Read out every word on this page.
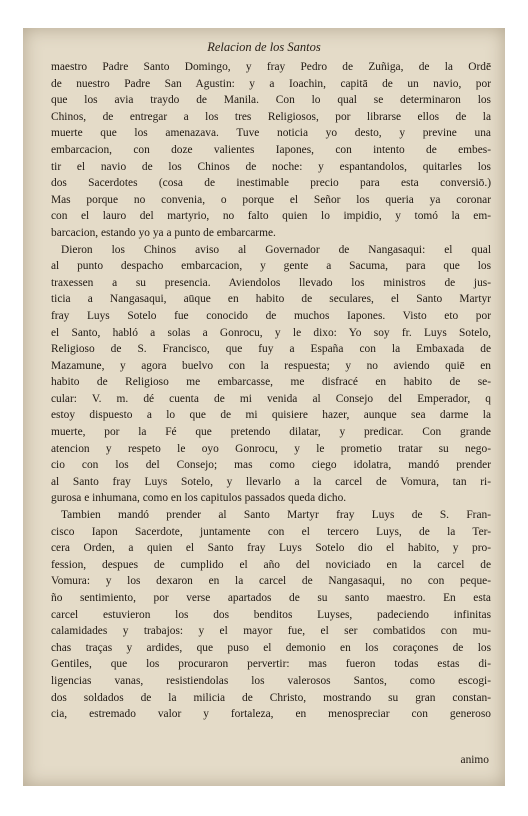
Relacion de los Santos
maestro Padre Santo Domingo, y fray Pedro de Zuñiga, de la Ordē
de nuestro Padre San Agustin: y a Ioachin, capitā de un navio, por
que los avia traydo de Manila. Con lo qual se determinaron los
Chinos, de entregar a los tres Religiosos, por librarse ellos de la
muerte que los amenazava. Tuve noticia yo desto, y previne una
embarcacion, con doze valientes Iapones, con intento de embes-
tir el navio de los Chinos de noche: y espantandolos, quitarles los
dos Sacerdotes (cosa de inestimable precio para esta conversiō.)
Mas porque no convenia, o porque el Señor los queria ya coronar
con el lauro del martyrio, no falto quien lo impidio, y tomó la em-
barcacion, estando yo ya a punto de embarcarme.
Dieron los Chinos aviso al Governador de Nangasaqui: el qual
al punto despacho embarcacion, y gente a Sacuma, para que los
traxessen a su presencia. Aviendolos llevado los ministros de jus-
ticia a Nangasaqui, aūque en habito de seculares, el Santo Martyr
fray Luys Sotelo fue conocido de muchos Iapones. Visto eto por
el Santo, habló a solas a Gonrocu, y le dixo: Yo soy fr. Luys Sotelo,
Religioso de S. Francisco, que fuy a España con la Embaxada de
Mazamune, y agora buelvo con la respuesta; y no aviendo quiē en
habito de Religioso me embarcasse, me disfracé en habito de se-
cular: V. m. dé cuenta de mi venida al Consejo del Emperador, q
estoy dispuesto a lo que de mi quisiere hazer, aunque sea darme la
muerte, por la Fé que pretendo dilatar, y predicar. Con grande
atencion y respeto le oyo Gonrocu, y le prometio tratar su nego-
cio con los del Consejo; mas como ciego idolatra, mandó prender
al Santo fray Luys Sotelo, y llevarlo a la carcel de Vomura, tan ri-
gurosa e inhumana, como en los capitulos passados queda dicho.
Tambien mandó prender al Santo Martyr fray Luys de S. Fran-
cisco Iapon Sacerdote, juntamente con el tercero Luys, de la Ter-
cera Orden, a quien el Santo fray Luys Sotelo dio el habito, y pro-
fession, despues de cumplido el año del noviciado en la carcel de
Vomura: y los dexaron en la carcel de Nangasaqui, no con peque-
ño sentimiento, por verse apartados de su santo maestro. En esta
carcel estuvieron los dos benditos Luyses, padeciendo infinitas
calamidades y trabajos: y el mayor fue, el ser combatidos con mu-
chas traças y ardides, que puso el demonio en los coraçones de los
Gentiles, que los procuraron pervertir: mas fueron todas estas di-
ligencias vanas, resistiendolas los valerosos Santos, como escogi-
dos soldados de la milicia de Christo, mostrando su gran constan-
cia, estremado valor y fortaleza, en menospreciar con generoso
animo
